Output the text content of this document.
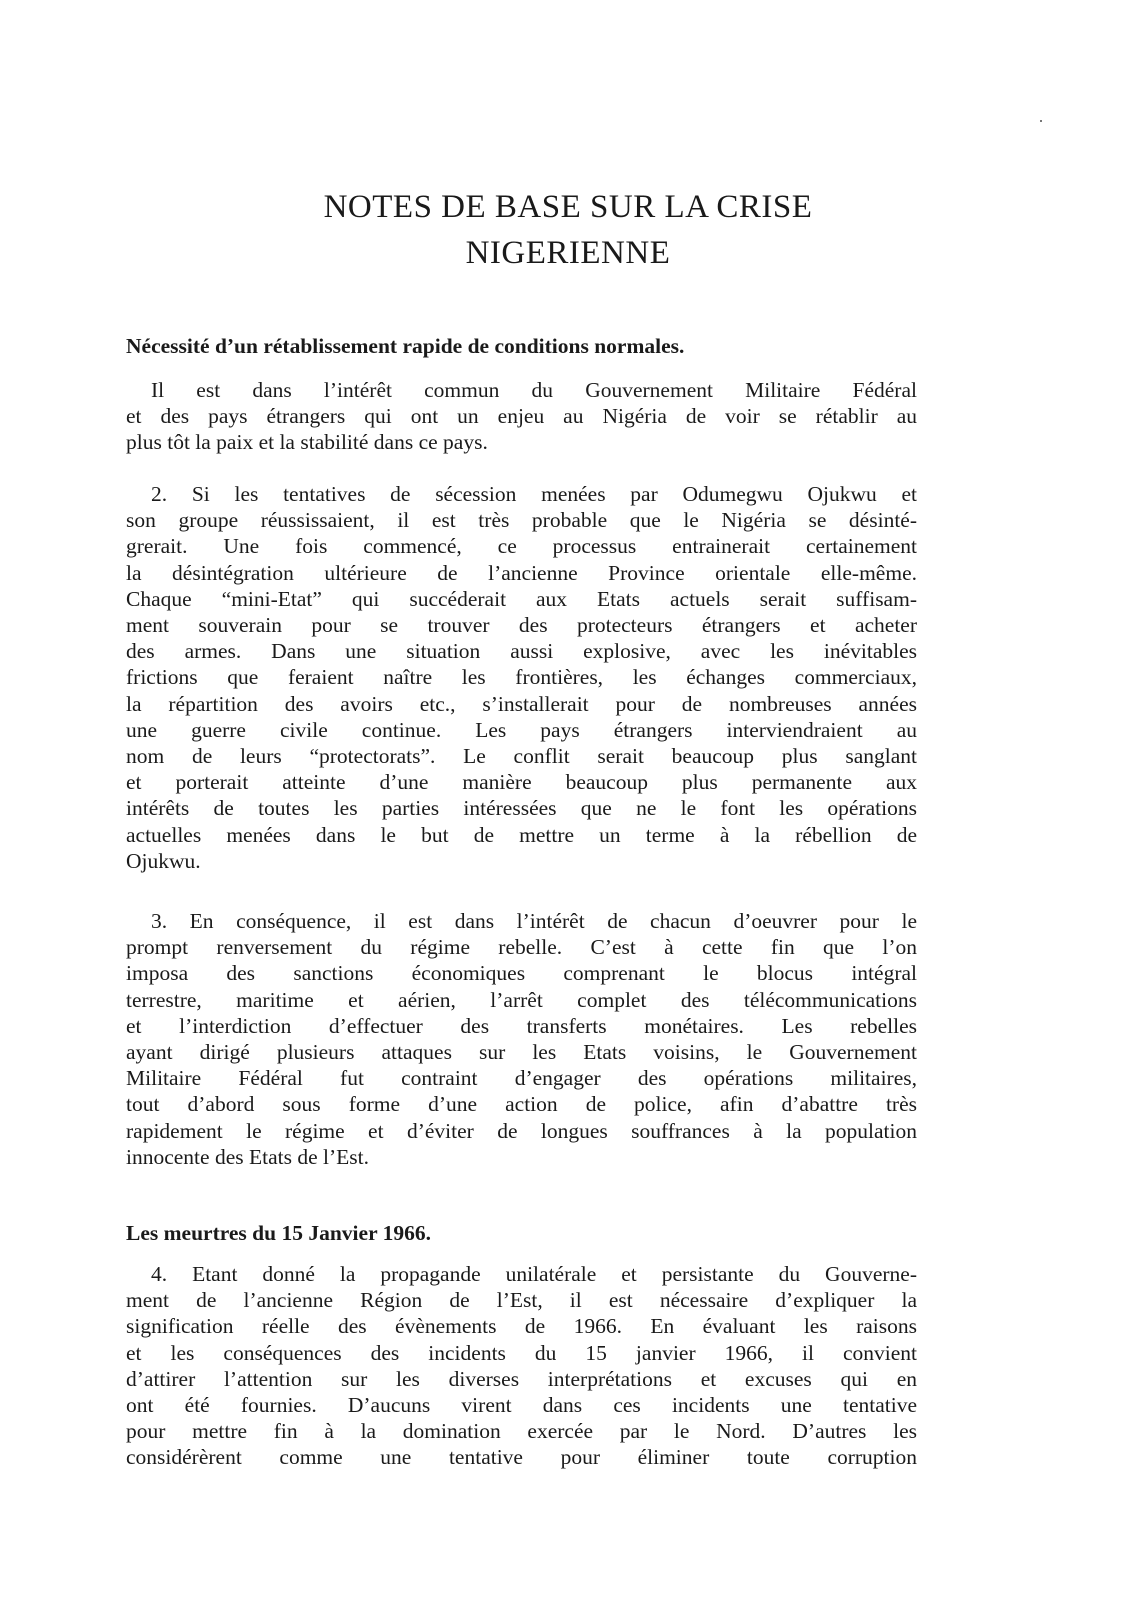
NOTES DE BASE SUR LA CRISE
NIGERIENNE
Nécessité d’un rétablissement rapide de conditions normales.
Il est dans l’intérêt commun du Gouvernement Militaire Fédéral
et des pays étrangers qui ont un enjeu au Nigéria de voir se rétablir au
plus tôt la paix et la stabilité dans ce pays.
2. Si les tentatives de sécession menées par Odumegwu Ojukwu et
son groupe réussissaient, il est très probable que le Nigéria se désinté-
grerait. Une fois commencé, ce processus entrainerait certainement
la désintégration ultérieure de l’ancienne Province orientale elle-même.
Chaque “mini-Etat” qui succéderait aux Etats actuels serait suffisam-
ment souverain pour se trouver des protecteurs étrangers et acheter
des armes. Dans une situation aussi explosive, avec les inévitables
frictions que feraient naître les frontières, les échanges commerciaux,
la répartition des avoirs etc., s’installerait pour de nombreuses années
une guerre civile continue. Les pays étrangers interviendraient au
nom de leurs “protectorats”. Le conflit serait beaucoup plus sanglant
et porterait atteinte d’une manière beaucoup plus permanente aux
intérêts de toutes les parties intéressées que ne le font les opérations
actuelles menées dans le but de mettre un terme à la rébellion de
Ojukwu.
3. En conséquence, il est dans l’intérêt de chacun d’oeuvrer pour le
prompt renversement du régime rebelle. C’est à cette fin que l’on
imposa des sanctions économiques comprenant le blocus intégral
terrestre, maritime et aérien, l’arrêt complet des télécommunications
et l’interdiction d’effectuer des transferts monétaires. Les rebelles
ayant dirigé plusieurs attaques sur les Etats voisins, le Gouvernement
Militaire Fédéral fut contraint d’engager des opérations militaires,
tout d’abord sous forme d’une action de police, afin d’abattre très
rapidement le régime et d’éviter de longues souffrances à la population
innocente des Etats de l’Est.
Les meurtres du 15 Janvier 1966.
4. Etant donné la propagande unilatérale et persistante du Gouverne-
ment de l’ancienne Région de l’Est, il est nécessaire d’expliquer la
signification réelle des évènements de 1966. En évaluant les raisons
et les conséquences des incidents du 15 janvier 1966, il convient
d’attirer l’attention sur les diverses interprétations et excuses qui en
ont été fournies. D’aucuns virent dans ces incidents une tentative
pour mettre fin à la domination exercée par le Nord. D’autres les
considérèrent comme une tentative pour éliminer toute corruption
